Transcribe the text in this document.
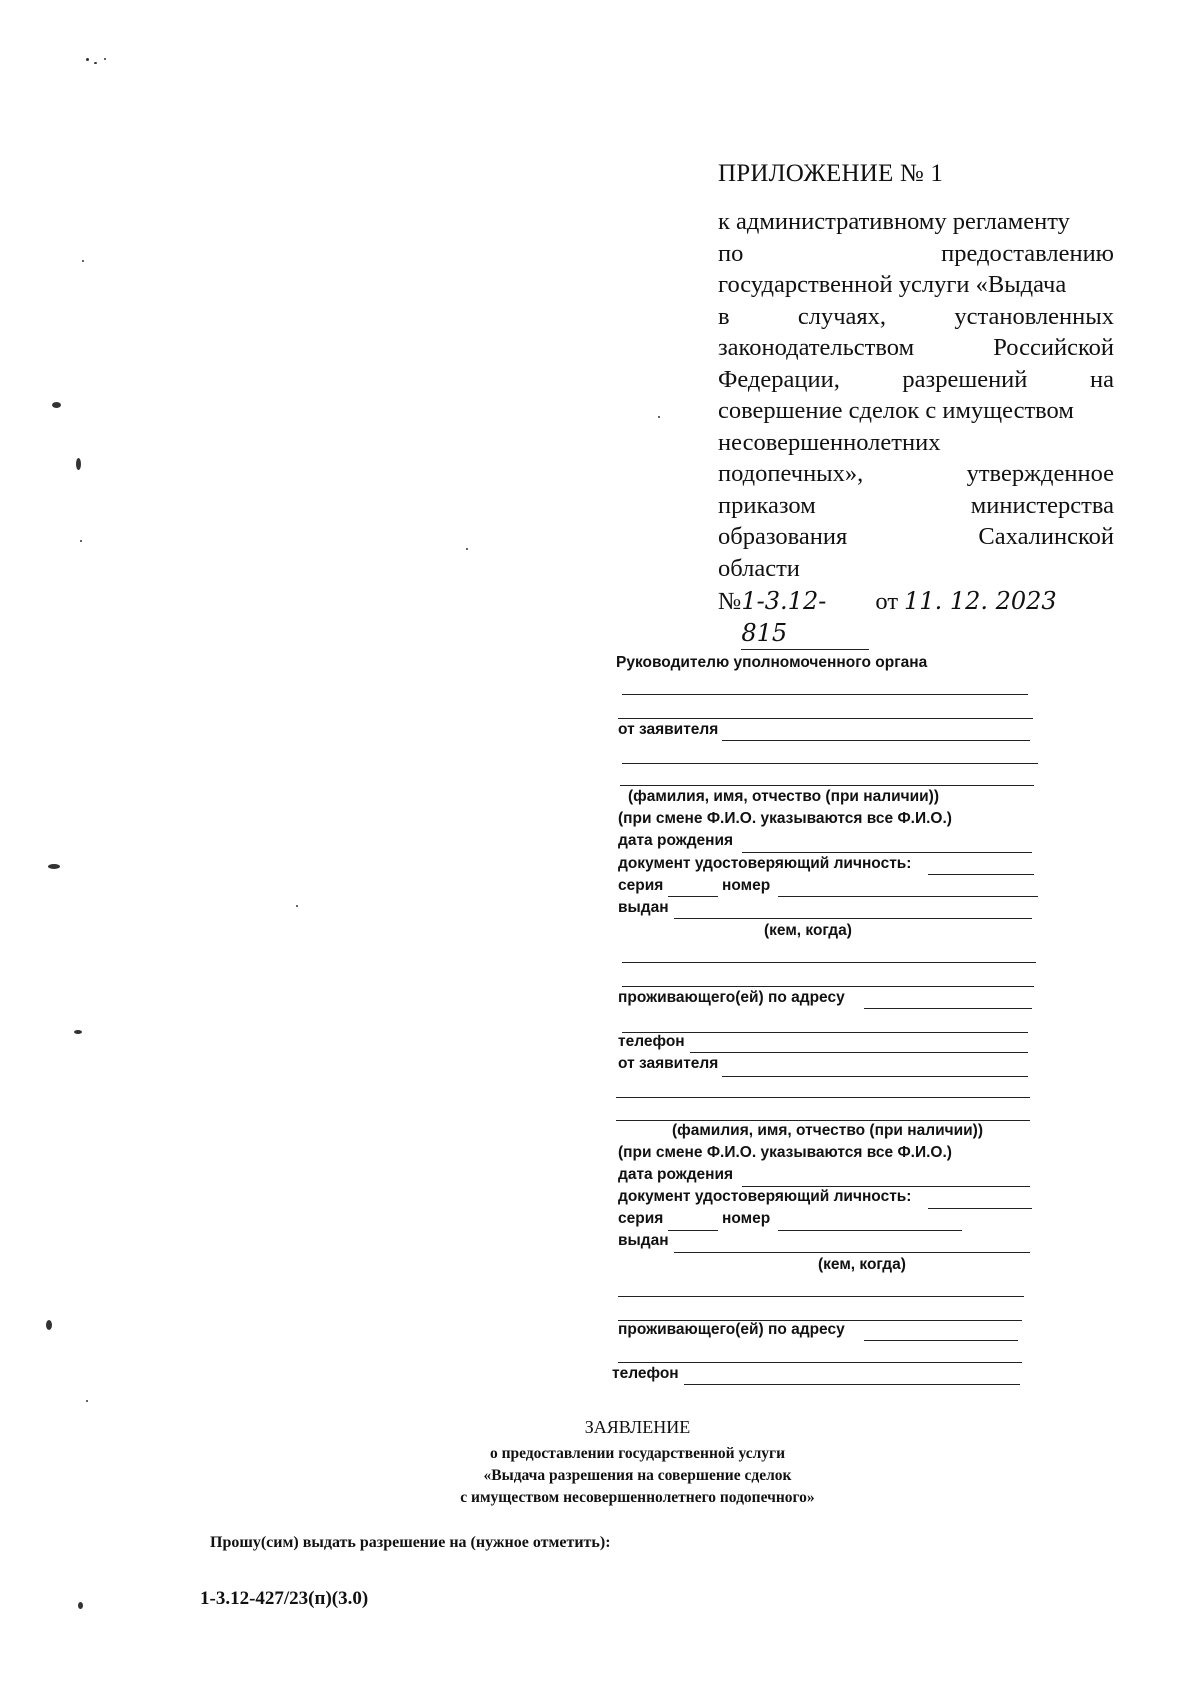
ПРИЛОЖЕНИЕ № 1
к административному регламенту
по	предоставлению
государственной услуги «Выдача
в	случаях,	установленных
законодательством	Российской
Федерации,	разрешений	на
совершение сделок с имуществом
несовершеннолетних
подопечных»,	утвержденное
приказом	министерства
образования	Сахалинской
области
№ 1-3.12-815
от 11. 12. 2023
Руководителю уполномоченного органа
от заявителя
(фамилия, имя, отчество (при наличии))
(при смене Ф.И.О. указываются все Ф.И.О.)
дата рождения
документ удостоверяющий личность:
серия	номер
выдан
(кем, когда)
проживающего(ей) по адресу
телефон
от заявителя
(фамилия, имя, отчество (при наличии))
(при смене Ф.И.О. указываются все Ф.И.О.)
дата рождения
документ удостоверяющий личность:
серия	номер
выдан
(кем, когда)
проживающего(ей) по адресу
телефон
ЗАЯВЛЕНИЕ
о предоставлении государственной услуги
«Выдача разрешения на совершение сделок
с имуществом несовершеннолетнего подопечного»
Прошу(сим) выдать разрешение на (нужное отметить):
1-3.12-427/23(п)(3.0)
